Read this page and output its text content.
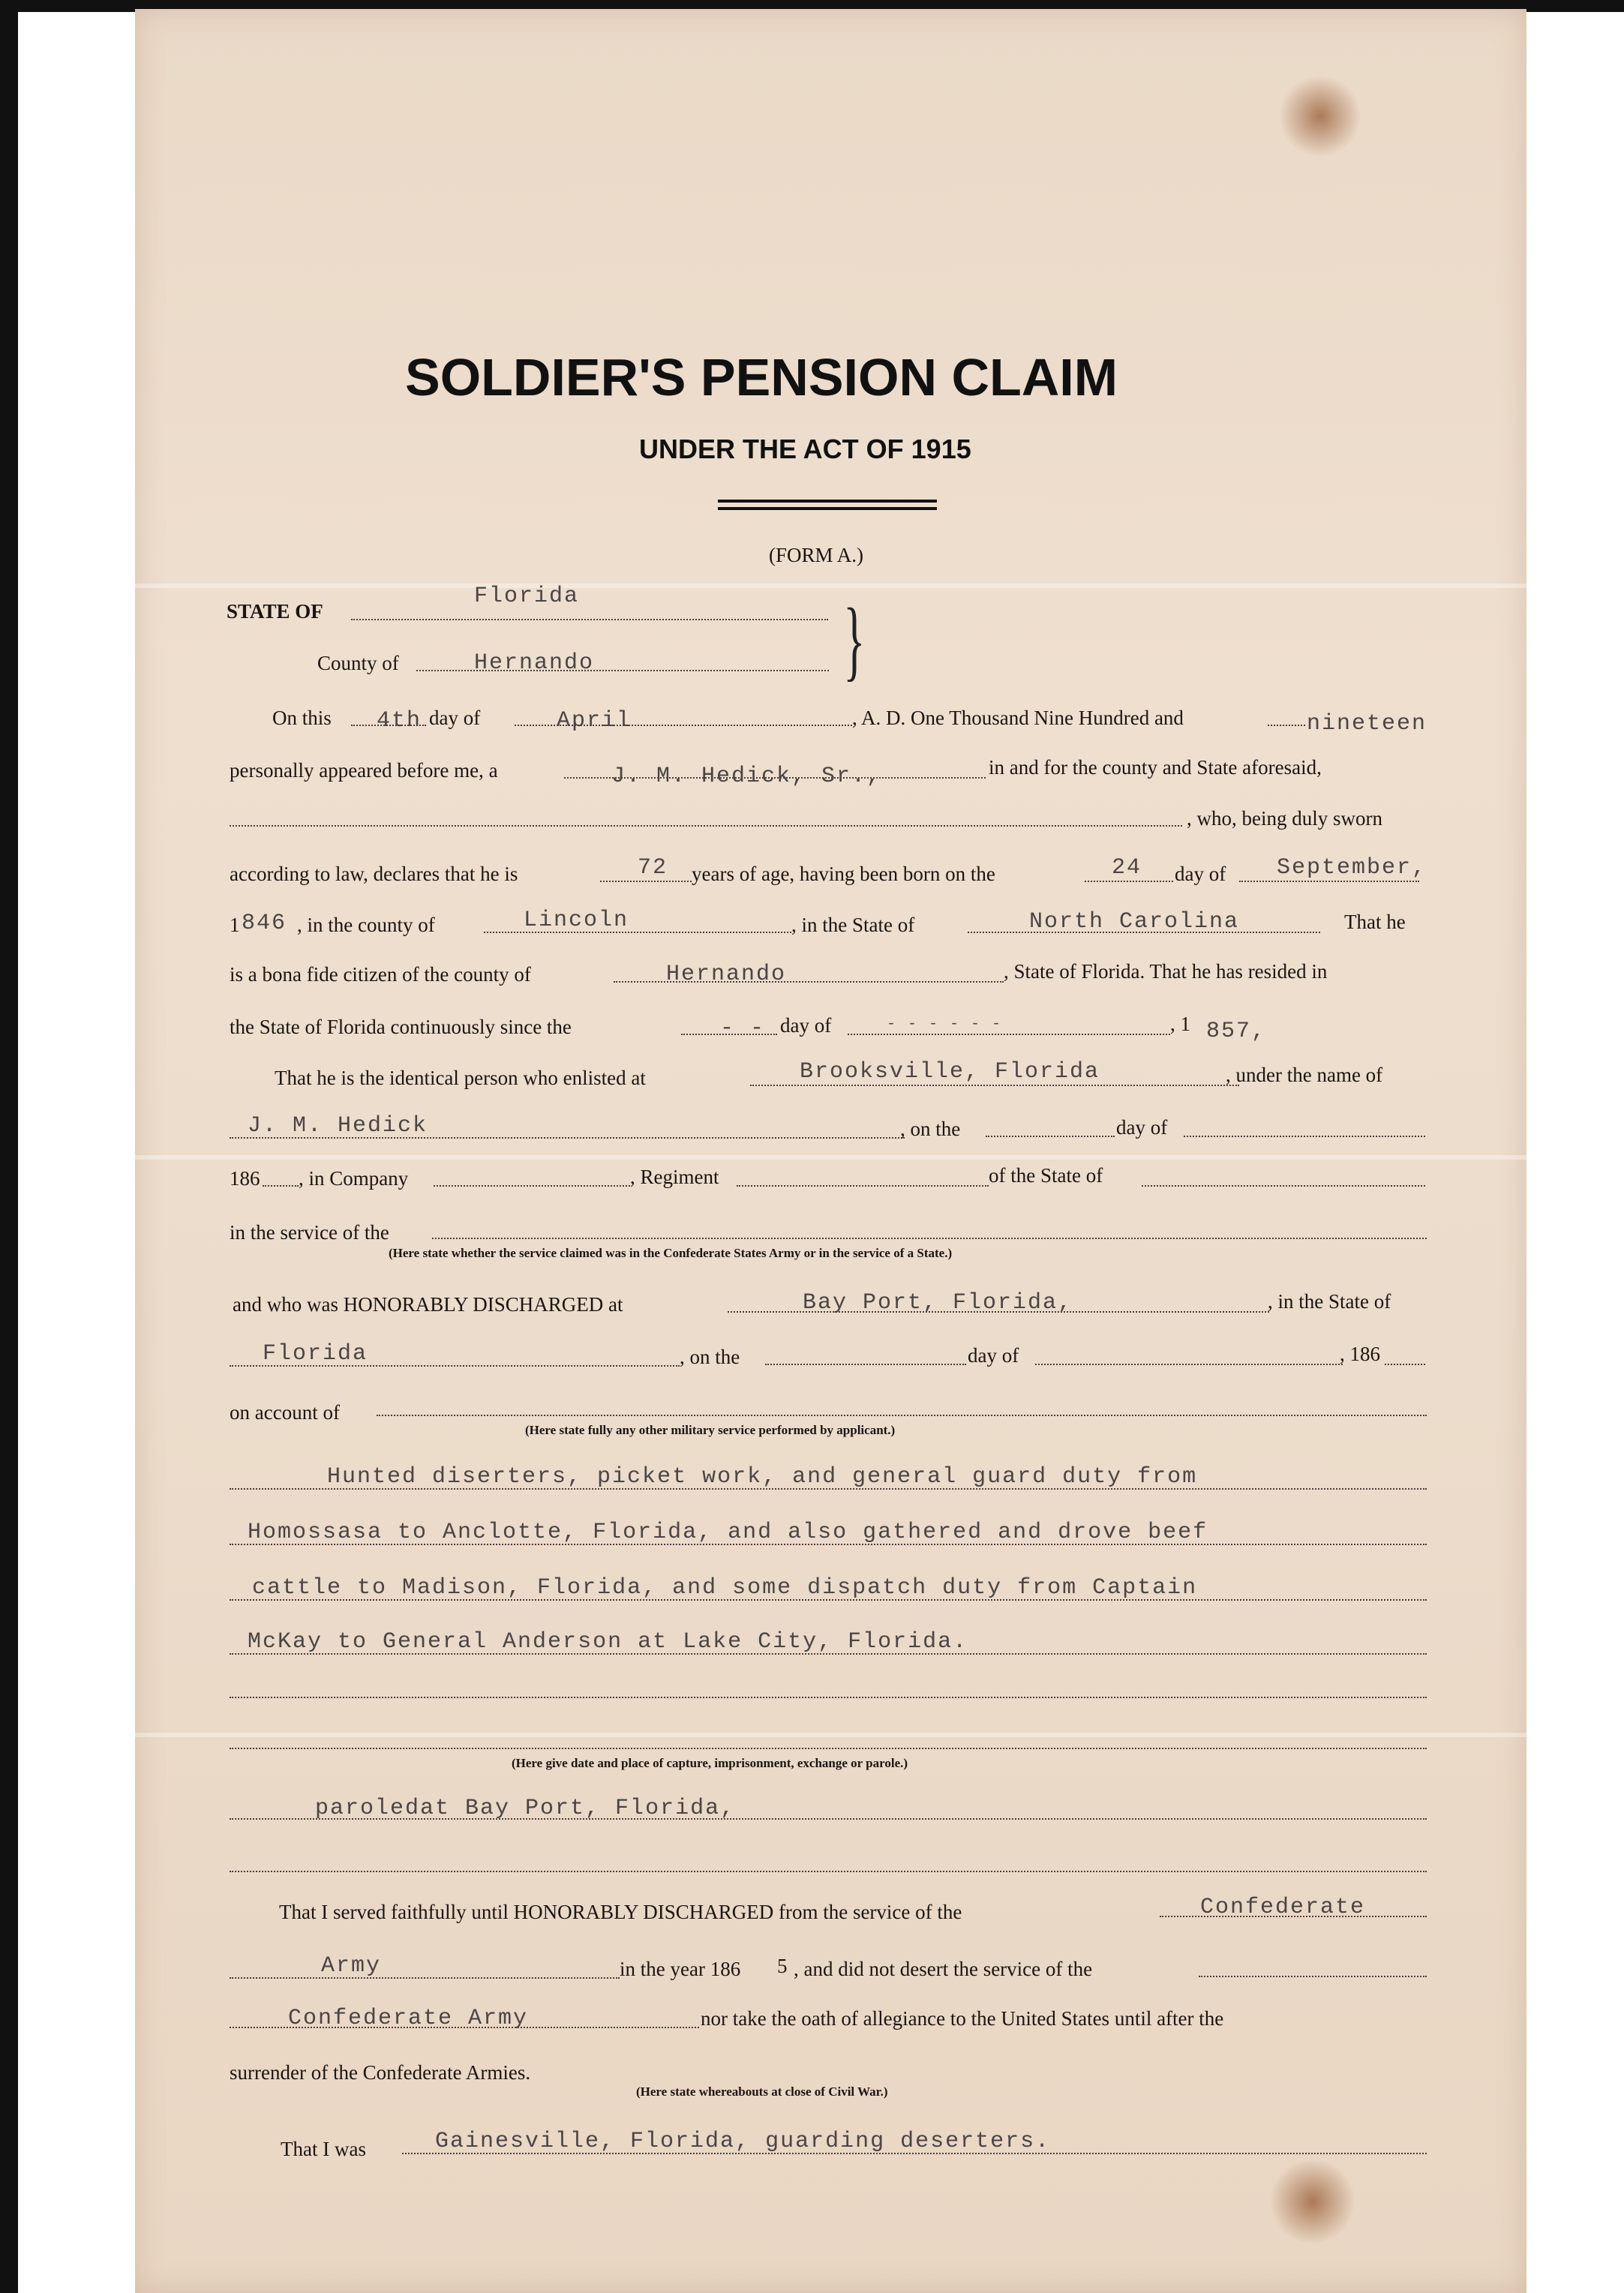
SOLDIER'S PENSION CLAIM
UNDER THE ACT OF 1915
(FORM A.)
STATE OF
Florida
County of	Hernando	}
On this 4th day of	April	, A. D. One Thousand Nine Hundred and	nineteen
personally appeared before me, a	J. M. Hedick, Sr.,	in and for the county and State aforesaid,
, who, being duly sworn
according to law, declares that he is	72 years of age, having been born on the	24 day of September,
1 846 , in the county of	Lincoln	, in the State of	North Carolina	That he
is a bona fide citizen of the county of	Hernando	, State of Florida. That he has resided in
the State of Florida continuously since the	- - day of	- - - - - -	, 1 857,
That he is the identical person who enlisted at	Brooksville, Florida	, under the name of
J. M. Hedick	, on the	day of
186 , in Company	, Regiment	of the State of
in the service of the
(Here state whether the service claimed was in the Confederate States Army or in the service of a State.)
and who was HONORABLY DISCHARGED at	Bay Port, Florida,	, in the State of
Florida	, on the	day of	, 186
on account of
(Here state fully any other military service performed by applicant.)
Hunted diserters, picket work, and general guard duty from
Homossasa to Anclotte, Florida, and also gathered and drove beef
cattle to Madison, Florida, and some dispatch duty from Captain
McKay to General Anderson at Lake City, Florida.
(Here give date and place of capture, imprisonment, exchange or parole.)
paroledat Bay Port, Florida,
That I served faithfully until HONORABLY DISCHARGED from the service of the	Confederate
Army	in the year 186 5 , and did not desert the service of the
Confederate Army	nor take the oath of allegiance to the United States until after the
surrender of the Confederate Armies.
(Here state whereabouts at close of Civil War.)
That I was	Gainesville, Florida, guarding deserters.
